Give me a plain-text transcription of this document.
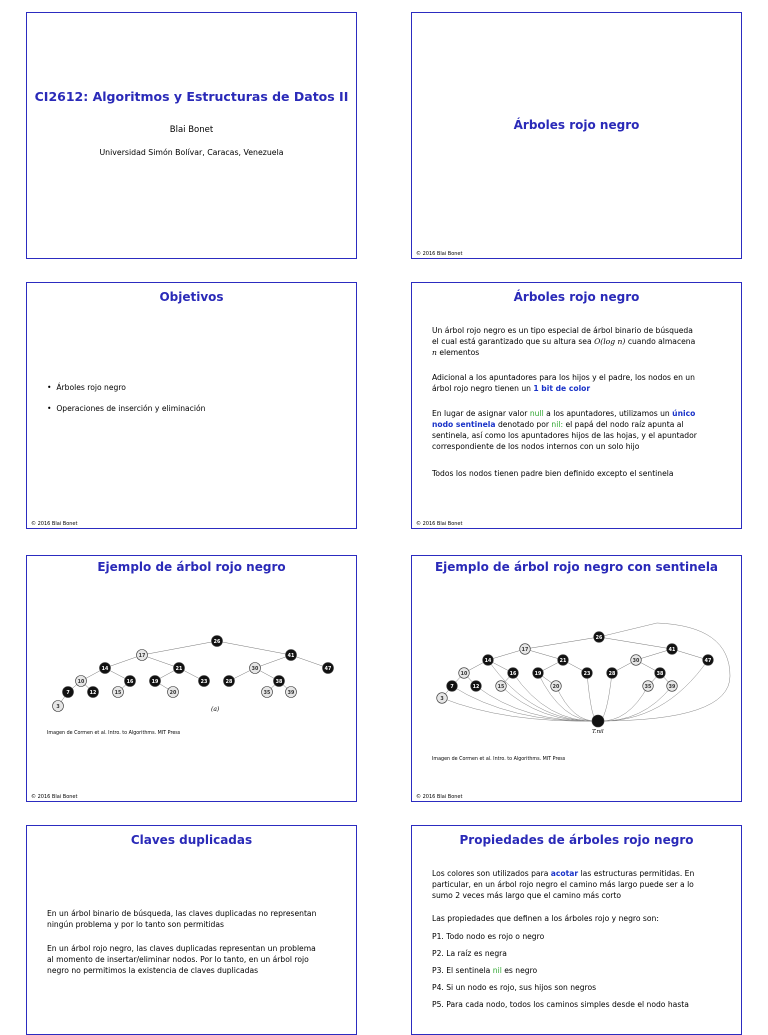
CI2612: Algoritmos y Estructuras de Datos II
Blai Bonet
Universidad Simón Bolívar, Caracas, Venezuela
Árboles rojo negro
© 2016 Blai Bonet
Objetivos
•  Árboles rojo negro
•  Operaciones de inserción y eliminación
© 2016 Blai Bonet
Árboles rojo negro
Un árbol rojo negro es un tipo especial de árbol binario de búsqueda
el cual está garantizado que su altura sea O(log n) cuando almacena
n elementos
Adicional a los apuntadores para los hijos y el padre, los nodos en un
árbol rojo negro tienen un 1 bit de color
En lugar de asignar valor null a los apuntadores, utilizamos un único
nodo sentinela denotado por nil: el papá del nodo raíz apunta al
sentinela, así como los apuntadores hijos de las hojas, y el apuntador
correspondiente de los nodos internos con un solo hijo
Todos los nodos tienen padre bien definido excepto el sentinela
© 2016 Blai Bonet
Ejemplo de árbol rojo negro
26
17	41
14	21	30	47
10	16	19	23	28	38
7	12	15	20	35	39
3	(a)
Imagen de Cormen et al. Intro. to Algorithms. MIT Press
© 2016 Blai Bonet
Ejemplo de árbol rojo negro con sentinela
26
17	41
14	21	30	47
10	16	19	23	28	38
7	12	15	20	35	39
3
T.nil
Imagen de Cormen et al. Intro. to Algorithms. MIT Press
© 2016 Blai Bonet
Claves duplicadas
En un árbol binario de búsqueda, las claves duplicadas no representan
ningún problema y por lo tanto son permitidas
En un árbol rojo negro, las claves duplicadas representan un problema
al momento de insertar/eliminar nodos. Por lo tanto, en un árbol rojo
negro no permitimos la existencia de claves duplicadas
Propiedades de árboles rojo negro
Los colores son utilizados para acotar las estructuras permitidas. En
particular, en un árbol rojo negro el camino más largo puede ser a lo
sumo 2 veces más largo que el camino más corto
Las propiedades que definen a los árboles rojo y negro son:
P1. Todo nodo es rojo o negro
P2. La raíz es negra
P3. El sentinela nil es negro
P4. Si un nodo es rojo, sus hijos son negros
P5. Para cada nodo, todos los caminos simples desde el nodo hasta
